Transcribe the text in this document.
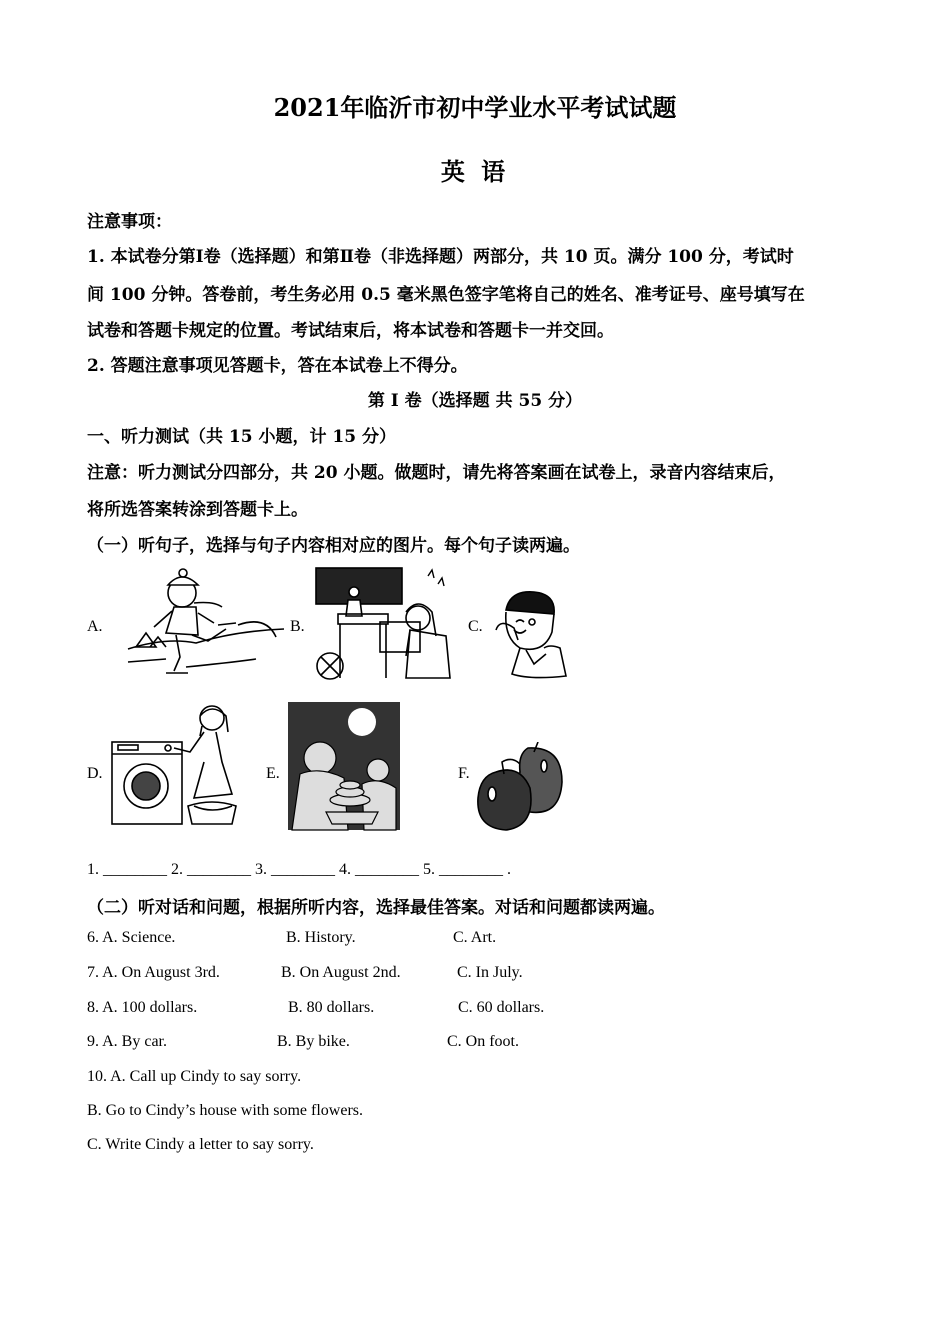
2021年临沂市初中学业水平考试试题
英 语
注意事项：
1. 本试卷分第Ⅰ卷（选择题）和第Ⅱ卷（非选择题）两部分，共 10 页。满分 100 分，考试时
间 100 分钟。答卷前，考生务必用 0.5 毫米黑色签字笔将自己的姓名、准考证号、座号填写在
试卷和答题卡规定的位置。考试结束后，将本试卷和答题卡一并交回。
2. 答题注意事项见答题卡，答在本试卷上不得分。
第 I 卷（选择题 共 55 分）
一、听力测试（共 15 小题，计 15 分）
注意：听力测试分四部分，共 20 小题。做题时，请先将答案画在试卷上，录音内容结束后，
将所选答案转涂到答题卡上。
（一）听句子，选择与句子内容相对应的图片。每个句子读两遍。
A.	B.	C.
D.	E.	F.
1. ________ 2. ________ 3. ________ 4. ________ 5. ________ .
（二）听对话和问题，根据所听内容，选择最佳答案。对话和问题都读两遍。
6. A. Science.	B. History.	C. Art.
7. A. On August 3rd.	B. On August 2nd.	C. In July.
8. A. 100 dollars.	B. 80 dollars.	C. 60 dollars.
9. A. By car.	B. By bike.	C. On foot.
10. A. Call up Cindy to say sorry.
B. Go to Cindy’s house with some flowers.
C. Write Cindy a letter to say sorry.
